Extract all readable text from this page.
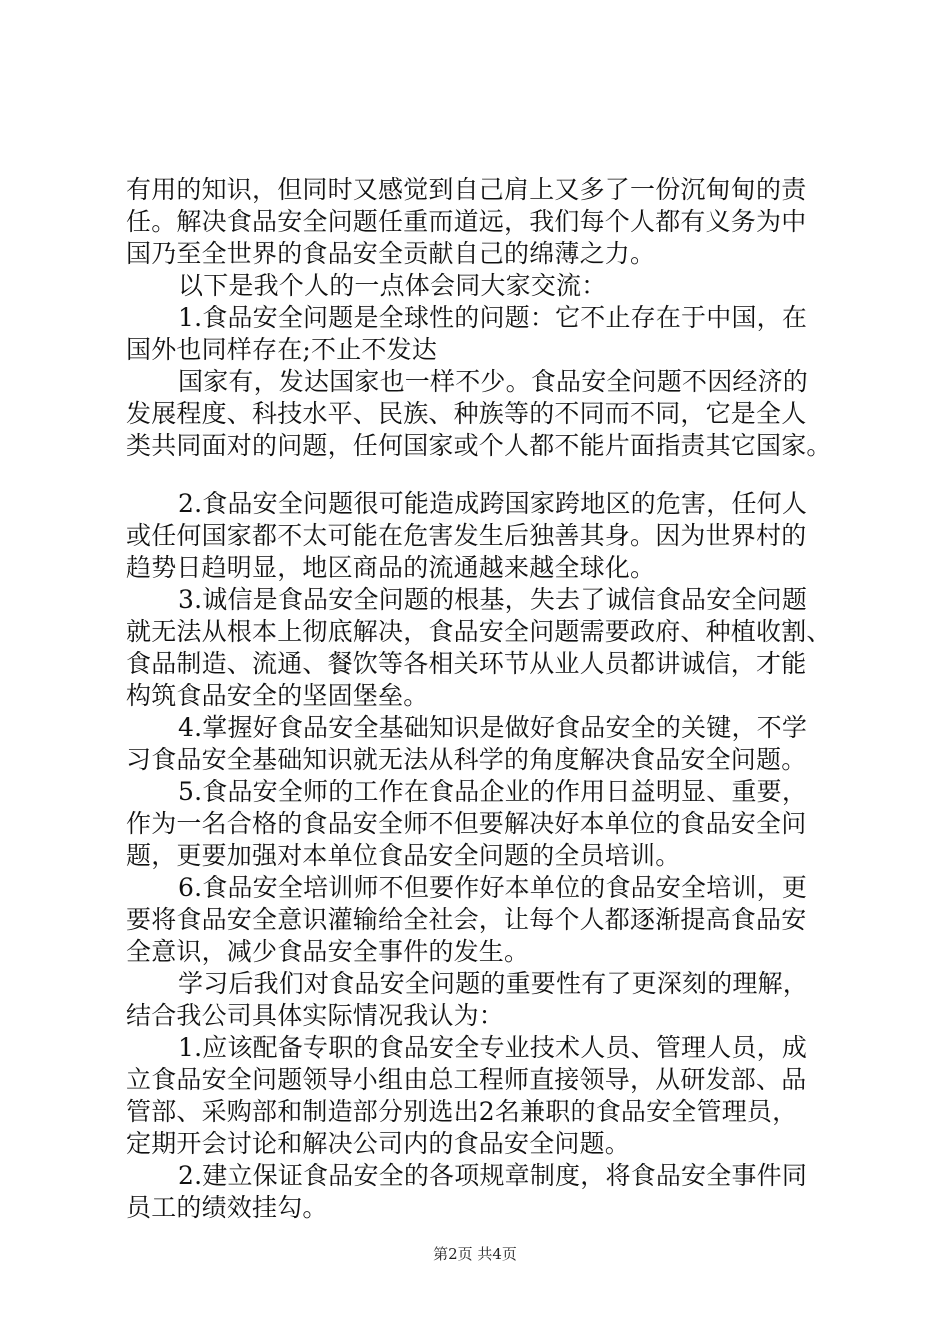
有用的知识，但同时又感觉到自己肩上又多了一份沉甸甸的责
任。解决食品安全问题任重而道远，我们每个人都有义务为中
国乃至全世界的食品安全贡献自己的绵薄之力。
以下是我个人的一点体会同大家交流：
1.食品安全问题是全球性的问题：它不止存在于中国，在
国外也同样存在;不止不发达
国家有，发达国家也一样不少。食品安全问题不因经济的
发展程度、科技水平、民族、种族等的不同而不同，它是全人
类共同面对的问题，任何国家或个人都不能片面指责其它国家。
2.食品安全问题很可能造成跨国家跨地区的危害，任何人
或任何国家都不太可能在危害发生后独善其身。因为世界村的
趋势日趋明显，地区商品的流通越来越全球化。
3.诚信是食品安全问题的根基，失去了诚信食品安全问题
就无法从根本上彻底解决，食品安全问题需要政府、种植收割、
食品制造、流通、餐饮等各相关环节从业人员都讲诚信，才能
构筑食品安全的坚固堡垒。
4.掌握好食品安全基础知识是做好食品安全的关键，不学
习食品安全基础知识就无法从科学的角度解决食品安全问题。
5.食品安全师的工作在食品企业的作用日益明显、重要，
作为一名合格的食品安全师不但要解决好本单位的食品安全问
题，更要加强对本单位食品安全问题的全员培训。
6.食品安全培训师不但要作好本单位的食品安全培训，更
要将食品安全意识灌输给全社会，让每个人都逐渐提高食品安
全意识，减少食品安全事件的发生。
学习后我们对食品安全问题的重要性有了更深刻的理解，
结合我公司具体实际情况我认为：
1.应该配备专职的食品安全专业技术人员、管理人员，成
立食品安全问题领导小组由总工程师直接领导，从研发部、品
管部、采购部和制造部分别选出2名兼职的食品安全管理员，
定期开会讨论和解决公司内的食品安全问题。
2.建立保证食品安全的各项规章制度，将食品安全事件同
员工的绩效挂勾。
第2页 共4页
